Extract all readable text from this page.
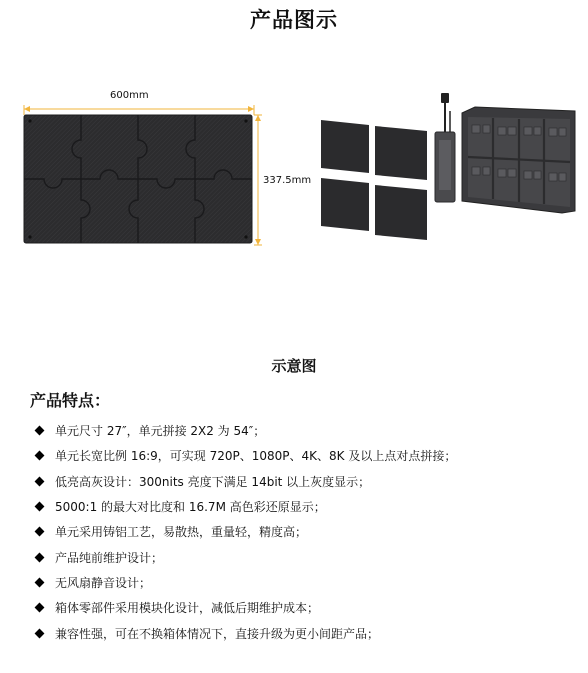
产品图示
600mm
337.5mm
示意图
产品特点：
单元尺寸 27″，单元拼接 2X2 为 54″；
单元长宽比例 16:9，可实现 720P、1080P、4K、8K 及以上点对点拼接；
低亮高灰设计：300nits 亮度下满足 14bit 以上灰度显示；
5000:1 的最大对比度和 16.7M 高色彩还原显示；
单元采用铸铝工艺，易散热，重量轻，精度高；
产品纯前维护设计；
无风扇静音设计；
箱体零部件采用模块化设计，减低后期维护成本；
兼容性强，可在不换箱体情况下，直接升级为更小间距产品；
